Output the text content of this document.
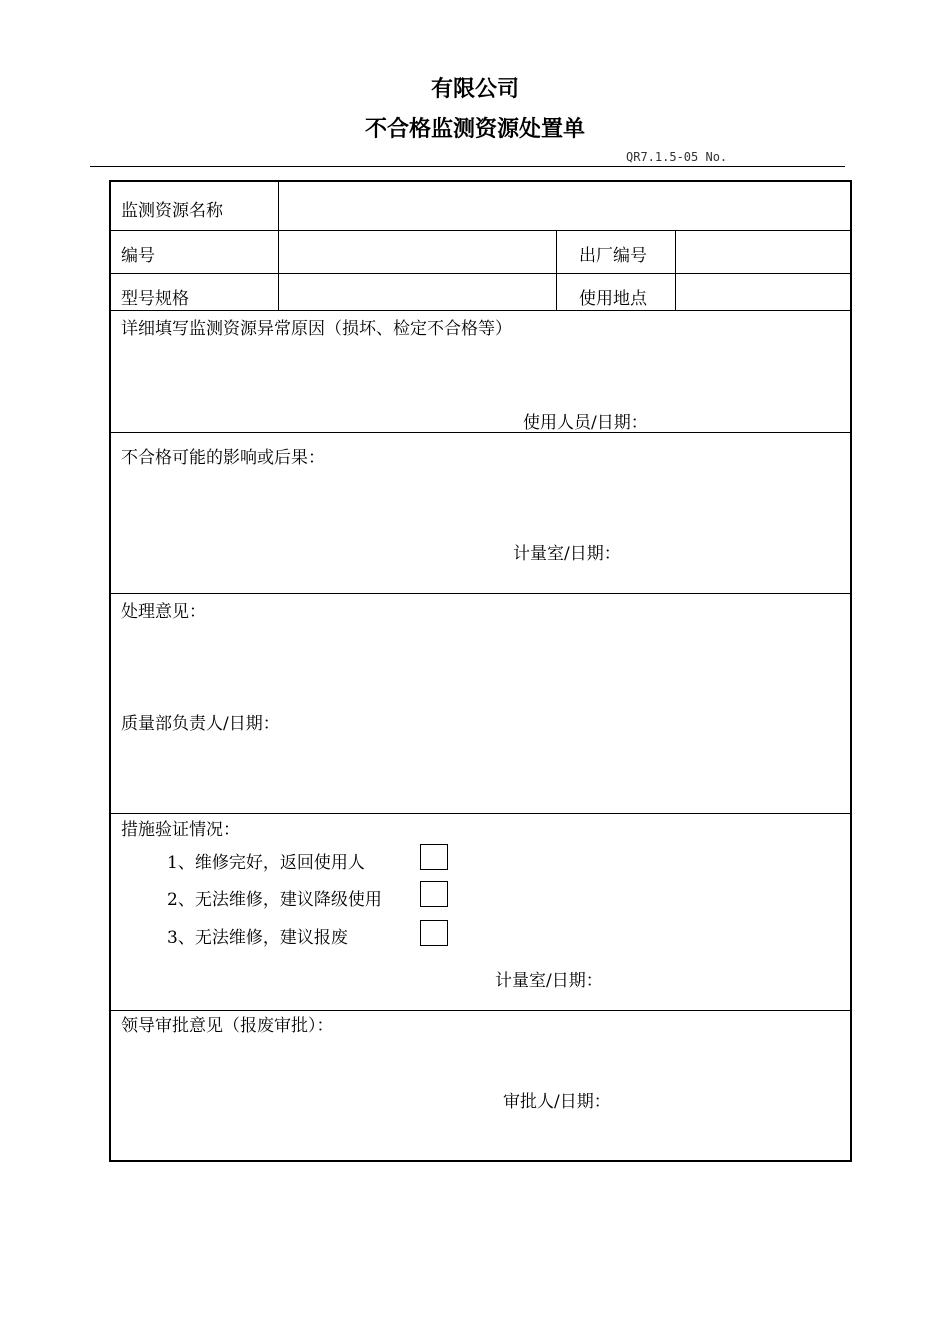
有限公司
不合格监测资源处置单
QR7.1.5-05 No.
监测资源名称
编号	出厂编号
型号规格	使用地点
详细填写监测资源异常原因（损坏、检定不合格等）
使用人员/日期：
不合格可能的影响或后果：
计量室/日期：
处理意见：
质量部负责人/日期：
措施验证情况：
1、维修完好，返回使用人
2、无法维修，建议降级使用
3、无法维修，建议报废
计量室/日期：
领导审批意见（报废审批）：
审批人/日期：
